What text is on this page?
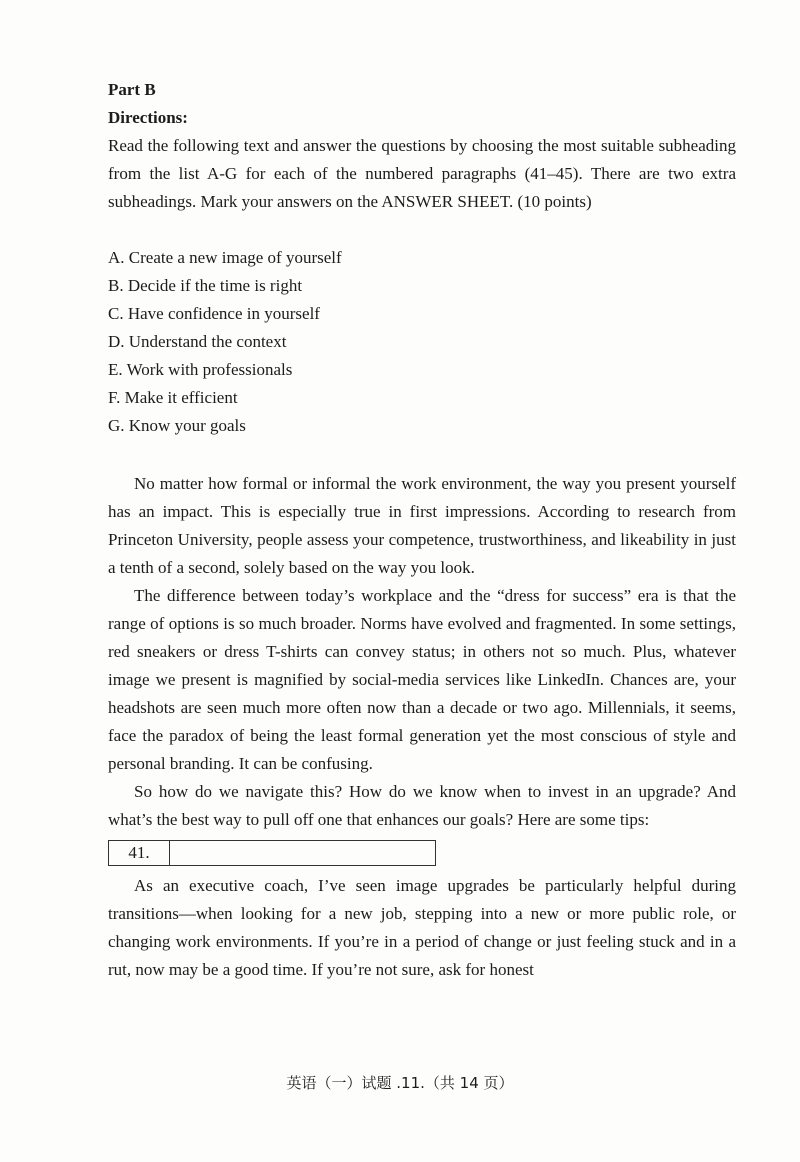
Part B

Directions:

Read the following text and answer the questions by choosing the most suitable subheading from the list A-G for each of the numbered paragraphs (41–45). There are two extra subheadings. Mark your answers on the ANSWER SHEET. (10 points)

A. Create a new image of yourself
B. Decide if the time is right
C. Have confidence in yourself
D. Understand the context
E. Work with professionals
F. Make it efficient
G. Know your goals

No matter how formal or informal the work environment, the way you present yourself has an impact. This is especially true in first impressions. According to research from Princeton University, people assess your competence, trustworthiness, and likeability in just a tenth of a second, solely based on the way you look.

The difference between today’s workplace and the “dress for success” era is that the range of options is so much broader. Norms have evolved and fragmented. In some settings, red sneakers or dress T-shirts can convey status; in others not so much. Plus, whatever image we present is magnified by social-media services like LinkedIn. Chances are, your headshots are seen much more often now than a decade or two ago. Millennials, it seems, face the paradox of being the least formal generation yet the most conscious of style and personal branding. It can be confusing.

So how do we navigate this? How do we know when to invest in an upgrade? And what’s the best way to pull off one that enhances our goals? Here are some tips:

41.

As an executive coach, I’ve seen image upgrades be particularly helpful during transitions—when looking for a new job, stepping into a new or more public role, or changing work environments. If you’re in a period of change or just feeling stuck and in a rut, now may be a good time. If you’re not sure, ask for honest

英语（一）试题 .11.（共 14 页）
